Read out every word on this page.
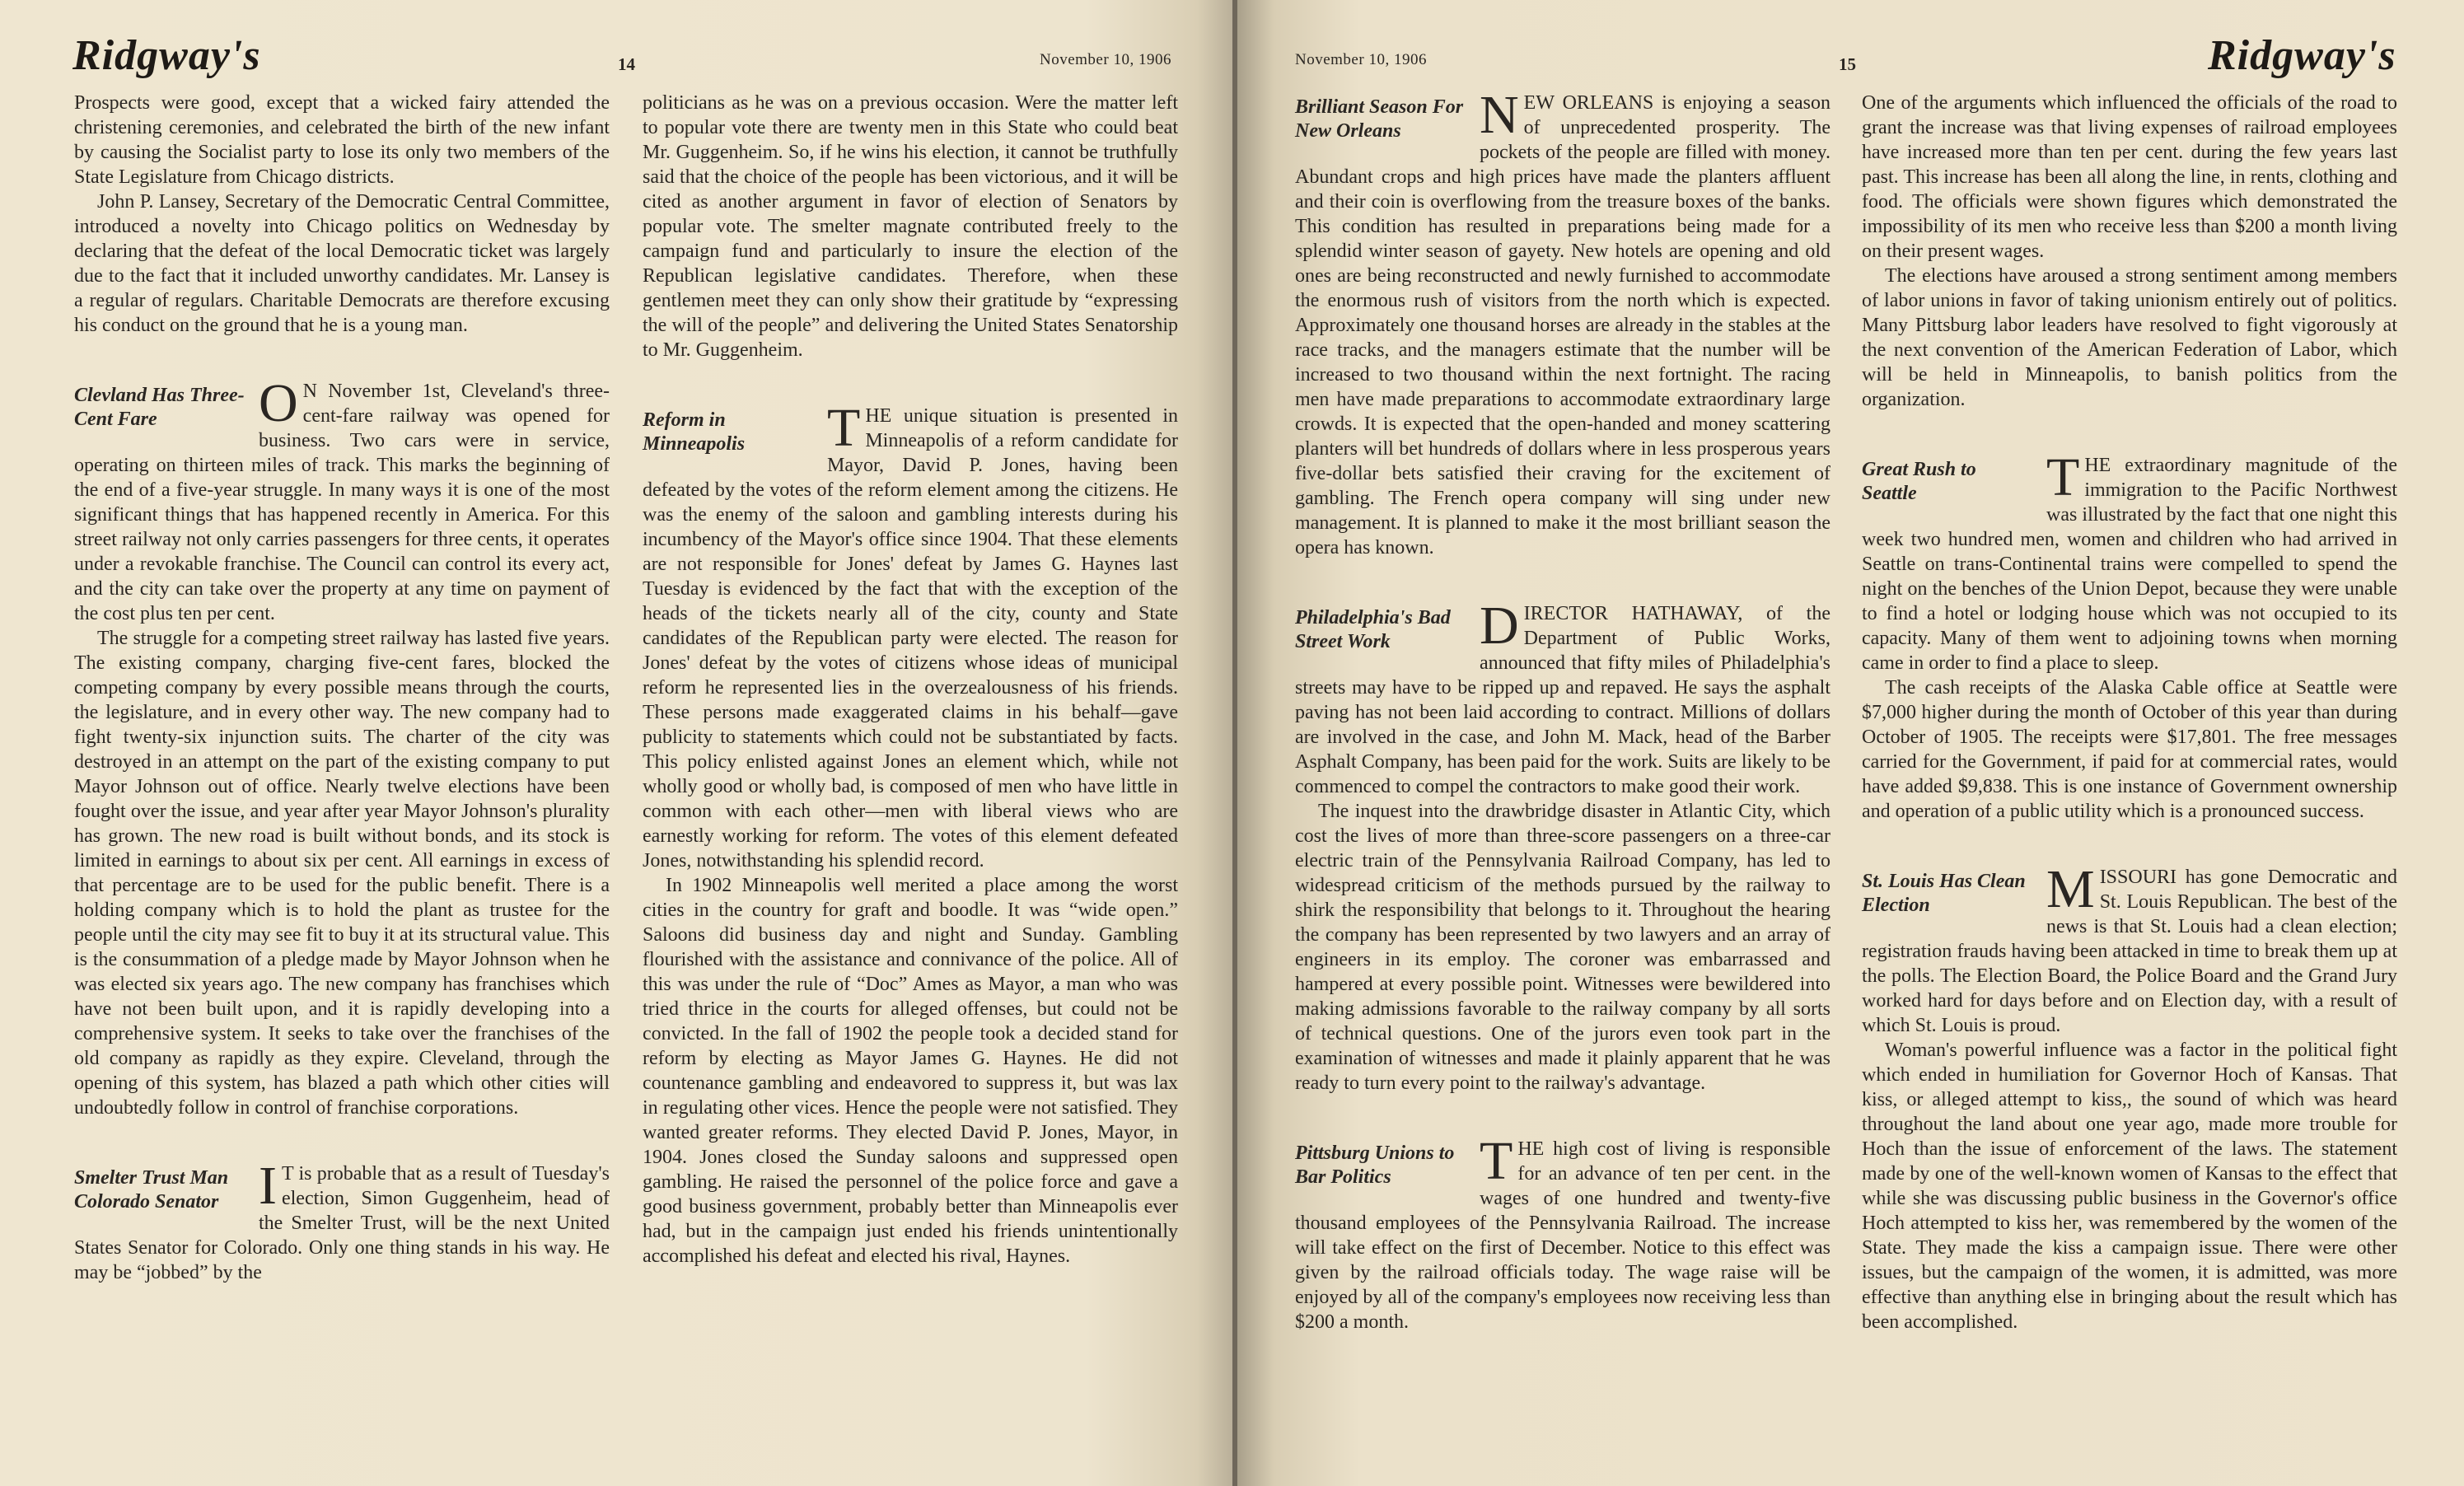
Ridgway's	14	November 10, 1906

Prospects were good, except that a wicked fairy attended the christening ceremonies, and celebrated the birth of the new infant by causing the Socialist party to lose its only two members of the State Legislature from Chicago districts.

John P. Lansey, Secretary of the Democratic Central Committee, introduced a novelty into Chicago politics on Wednesday by declaring that the defeat of the local Democratic ticket was largely due to the fact that it included unworthy candidates. Mr. Lansey is a regular of regulars. Charitable Democrats are therefore excusing his conduct on the ground that he is a young man.

Clevland Has Three-Cent Fare	O N November 1st, Cleveland's three-cent-fare railway was opened for business. Two cars were in service, operating on thirteen miles of track. This marks the beginning of the end of a five-year struggle. In many ways it is one of the most significant things that has happened recently in America. For this street railway not only carries passengers for three cents, it operates under a revokable franchise. The Council can control its every act, and the city can take over the property at any time on payment of the cost plus ten per cent.

The struggle for a competing street railway has lasted five years. The existing company, charging five-cent fares, blocked the competing company by every possible means through the courts, the legislature, and in every other way. The new company had to fight twenty-six injunction suits. The charter of the city was destroyed in an attempt on the part of the existing company to put Mayor Johnson out of office. Nearly twelve elections have been fought over the issue, and year after year Mayor Johnson's plurality has grown. The new road is built without bonds, and its stock is limited in earnings to about six per cent. All earnings in excess of that percentage are to be used for the public benefit. There is a holding company which is to hold the plant as trustee for the people until the city may see fit to buy it at its structural value. This is the consummation of a pledge made by Mayor Johnson when he was elected six years ago. The new company has franchises which have not been built upon, and it is rapidly developing into a comprehensive system. It seeks to take over the franchises of the old company as rapidly as they expire. Cleveland, through the opening of this system, has blazed a path which other cities will undoubtedly follow in control of franchise corporations.

Smelter Trust Man Colorado Senator I T is probable that as a result of Tuesday's election, Simon Guggenheim, head of the Smelter Trust, will be the next United States Senator for Colorado. Only one thing stands in his way. He may be “jobbed” by the

politicians as he was on a previous occasion. Were the matter left to popular vote there are twenty men in this State who could beat Mr. Guggenheim. So, if he wins his election, it cannot be truthfully said that the choice of the people has been victorious, and it will be cited as another argument in favor of election of Senators by popular vote. The smelter magnate contributed freely to the campaign fund and particularly to insure the election of the Republican legislative candidates. Therefore, when these gentlemen meet they can only show their gratitude by “expressing the will of the people” and delivering the United States Senatorship to Mr. Guggenheim.

Reform in Minneapolis	THE unique situation is presented in Minneapolis of a reform candidate for Mayor, David P. Jones, having been defeated by the votes of the reform element among the citizens. He was the enemy of the saloon and gambling interests during his incumbency of the Mayor's office since 1904. That these elements are not responsible for Jones' defeat by James G. Haynes last Tuesday is evidenced by the fact that with the exception of the heads of the tickets nearly all of the city, county and State candidates of the Republican party were elected. The reason for Jones' defeat by the votes of citizens whose ideas of municipal reform he represented lies in the overzealousness of his friends. These persons made exaggerated claims in his behalf—gave publicity to statements which could not be substantiated by facts. This policy enlisted against Jones an element which, while not wholly good or wholly bad, is composed of men who have little in common with each other—men with liberal views who are earnestly working for reform. The votes of this element defeated Jones, notwithstanding his splendid record.

In 1902 Minneapolis well merited a place among the worst cities in the country for graft and boodle. It was “wide open.” Saloons did business day and night and Sunday. Gambling flourished with the assistance and connivance of the police. All of this was under the rule of “Doc” Ames as Mayor, a man who was tried thrice in the courts for alleged offenses, but could not be convicted. In the fall of 1902 the people took a decided stand for reform by electing as Mayor James G. Haynes. He did not countenance gambling and endeavored to suppress it, but was lax in regulating other vices. Hence the people were not satisfied. They wanted greater reforms. They elected David P. Jones, Mayor, in 1904. Jones closed the Sunday saloons and suppressed open gambling. He raised the personnel of the police force and gave a good business government, probably better than Minneapolis ever had, but in the campaign just ended his friends unintentionally accomplished his defeat and elected his rival, Haynes.

November 10, 1906	15	Ridgway's
Brilliant Season For New Orleans	NEW ORLEANS is enjoying a season of unprecedented prosperity. The pockets of the people are filled with money. Abundant crops and high prices have made the planters affluent and their coin is overflowing from the treasure boxes of the banks. This condition has resulted in preparations being made for a splendid winter season of gayety. New hotels are opening and old ones are being reconstructed and newly furnished to accommodate the enormous rush of visitors from the north which is expected. Approximately one thousand horses are already in the stables at the race tracks, and the managers estimate that the number will be increased to two thousand within the next fortnight. The racing men have made preparations to accommodate extraordinary large crowds. It is expected that the open-handed and money scattering planters will bet hundreds of dollars where in less prosperous years five-dollar bets satisfied their craving for the excitement of gambling. The French opera company will sing under new management. It is planned to make it the most brilliant season the opera has known.

Philadelphia's Bad Street Work	DIRECTOR HATHAWAY, of the Department of Public Works, announced that fifty miles of Philadelphia's streets may have to be ripped up and repaved. He says the asphalt paving has not been laid according to contract. Millions of dollars are involved in the case, and John M. Mack, head of the Barber Asphalt Company, has been paid for the work. Suits are likely to be commenced to compel the contractors to make good their work.

The inquest into the drawbridge disaster in Atlantic City, which cost the lives of more than three-score passengers on a three-car electric train of the Pennsylvania Railroad Company, has led to widespread criticism of the methods pursued by the railway to shirk the responsibility that belongs to it. Throughout the hearing the company has been represented by two lawyers and an array of engineers in its employ. The coroner was embarrassed and hampered at every possible point. Witnesses were bewildered into making admissions favorable to the railway company by all sorts of technical questions. One of the jurors even took part in the examination of witnesses and made it plainly apparent that he was ready to turn every point to the railway's advantage.

Pittsburg Unions to Bar Politics	THE high cost of living is responsible for an advance of ten per cent. in the wages of one hundred and twenty-five thousand employees of the Pennsylvania Railroad. The increase will take effect on the first of December. Notice to this effect was given by the railroad officials today. The wage raise will be enjoyed by all of the company's employees now receiving less than $200 a month.

One of the arguments which influenced the officials of the road to grant the increase was that living expenses of railroad employees have increased more than ten per cent. during the few years last past. This increase has been all along the line, in rents, clothing and food. The officials were shown figures which demonstrated the impossibility of its men who receive less than $200 a month living on their present wages.

The elections have aroused a strong sentiment among members of labor unions in favor of taking unionism entirely out of politics. Many Pittsburg labor leaders have resolved to fight vigorously at the next convention of the American Federation of Labor, which will be held in Minneapolis, to banish politics from the organization.

Great Rush to Seattle	THE extraordinary magnitude of the immigration to the Pacific Northwest was illustrated by the fact that one night this week two hundred men, women and children who had arrived in Seattle on trans-Continental trains were compelled to spend the night on the benches of the Union Depot, because they were unable to find a hotel or lodging house which was not occupied to its capacity. Many of them went to adjoining towns when morning came in order to find a place to sleep.

The cash receipts of the Alaska Cable office at Seattle were $7,000 higher during the month of October of this year than during October of 1905. The receipts were $17,801. The free messages carried for the Government, if paid for at commercial rates, would have added $9,838. This is one instance of Government ownership and operation of a public utility which is a pronounced success.

St. Louis Has Clean Election	MISSOURI has gone Democratic and St. Louis Republican. The best of the news is that St. Louis had a clean election; registration frauds having been attacked in time to break them up at the polls. The Election Board, the Police Board and the Grand Jury worked hard for days before and on Election day, with a result of which St. Louis is proud.

Woman's powerful influence was a factor in the political fight which ended in humiliation for Governor Hoch of Kansas. That kiss, or alleged attempt to kiss,, the sound of which was heard throughout the land about one year ago, made more trouble for Hoch than the issue of enforcement of the laws. The statement made by one of the well-known women of Kansas to the effect that while she was discussing public business in the Governor's office Hoch attempted to kiss her, was remembered by the women of the State. They made the kiss a campaign issue. There were other issues, but the campaign of the women, it is admitted, was more effective than anything else in bringing about the result which has been accomplished.
